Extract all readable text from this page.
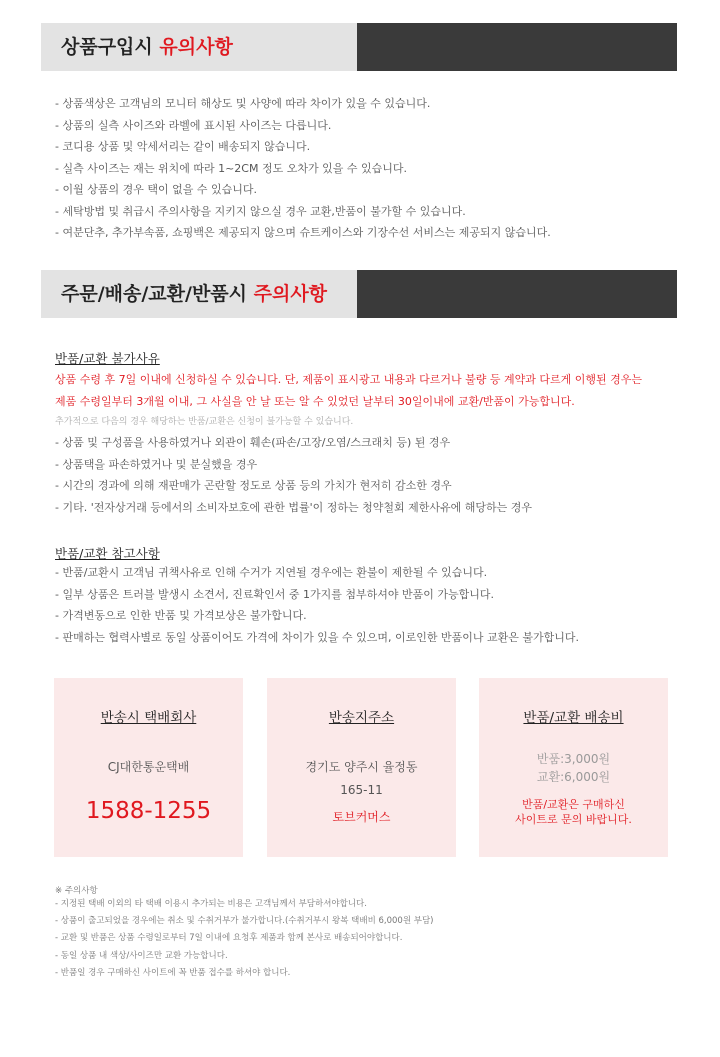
상품구입시 유의사항
- 상품색상은 고객님의 모니터 해상도 및 사양에 따라 차이가 있을 수 있습니다.
- 상품의 실측 사이즈와 라벨에 표시된 사이즈는 다릅니다.
- 코디용 상품 및 악세서리는 같이 배송되지 않습니다.
- 실측 사이즈는 재는 위치에 따라 1~2CM 정도 오차가 있을 수 있습니다.
- 이월 상품의 경우 택이 없을 수 있습니다.
- 세탁방법 및 취급시 주의사항을 지키지 않으실 경우 교환,반품이 불가할 수 있습니다.
- 여분단추, 추가부속품, 쇼핑백은 제공되지 않으며 슈트케이스와 기장수선 서비스는 제공되지 않습니다.
주문/배송/교환/반품시 주의사항
반품/교환 불가사유
상품 수령 후 7일 이내에 신청하실 수 있습니다. 단, 제품이 표시광고 내용과 다르거나 불량 등 계약과 다르게 이행된 경우는
제품 수령일부터 3개월 이내, 그 사실을 안 날 또는 알 수 있었던 날부터 30일이내에 교환/반품이 가능합니다.
추가적으로 다음의 경우 해당하는 반품/교환은 신청이 불가능할 수 있습니다.
- 상품 및 구성품을 사용하였거나 외관이 훼손(파손/고장/오염/스크래치 등) 된 경우
- 상품택을 파손하였거나 및 분실했을 경우
- 시간의 경과에 의해 재판매가 곤란할 정도로 상품 등의 가치가 현저히 감소한 경우
- 기타. '전자상거래 등에서의 소비자보호에 관한 법률'이 정하는 청약철회 제한사유에 해당하는 경우
반품/교환 참고사항
- 반품/교환시 고객님 귀책사유로 인해 수거가 지연될 경우에는 환불이 제한될 수 있습니다.
- 일부 상품은 트러블 발생시 소견서, 진료확인서 중 1가지를 첨부하셔야 반품이 가능합니다.
- 가격변동으로 인한 반품 및 가격보상은 불가합니다.
- 판매하는 협력사별로 동일 상품이어도 가격에 차이가 있을 수 있으며, 이로인한 반품이나 교환은 불가합니다.
반송시 택배회사
CJ대한통운택배
1588-1255
반송지주소
경기도 양주시 율정동
165-11
토브커머스
반품/교환 배송비
반품:3,000원
교환:6,000원
반품/교환은 구매하신
사이트로 문의 바랍니다.
※ 주의사항
- 지정된 택배 이외의 타 택배 이용시 추가되는 비용은 고객님께서 부담하셔야합니다.
- 상품이 출고되었을 경우에는 취소 및 수취거부가 불가합니다.(수취거부시 왕복 택배비 6,000원 부담)
- 교환 및 반품은 상품 수령일로부터 7일 이내에 요청후 제품과 함께 본사로 배송되어야합니다.
- 동일 상품 내 색상/사이즈만 교환 가능합니다.
- 반품일 경우 구매하신 사이트에 꼭 반품 접수를 하셔야 합니다.
